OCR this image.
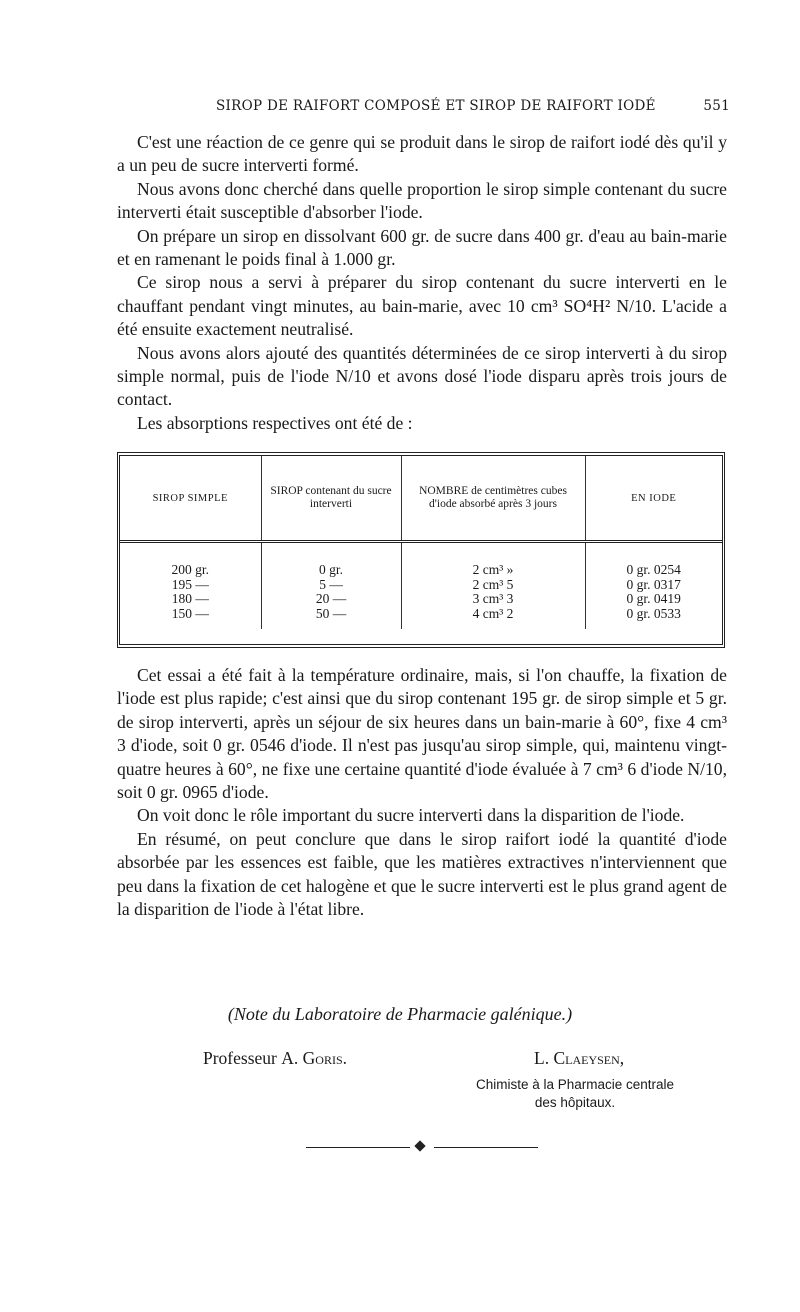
SIROP DE RAIFORT COMPOSÉ ET SIROP DE RAIFORT IODÉ	551

C'est une réaction de ce genre qui se produit dans le sirop de raifort iodé dès qu'il y a un peu de sucre interverti formé.

Nous avons donc cherché dans quelle proportion le sirop simple contenant du sucre interverti était susceptible d'absorber l'iode.

On prépare un sirop en dissolvant 600 gr. de sucre dans 400 gr. d'eau au bain-marie et en ramenant le poids final à 1.000 gr.

Ce sirop nous a servi à préparer du sirop contenant du sucre interverti en le chauffant pendant vingt minutes, au bain-marie, avec 10 cm³ SO⁴H² N/10. L'acide a été ensuite exactement neutralisé.

Nous avons alors ajouté des quantités déterminées de ce sirop interverti à du sirop simple normal, puis de l'iode N/10 et avons dosé l'iode disparu après trois jours de contact.

Les absorptions respectives ont été de :

SIROP SIMPLE	SIROP contenant du sucre interverti	NOMBRE de centimètres cubes d'iode absorbé après 3 jours	EN IODE
200 gr.	0 gr.	2 cm³ »	0 gr. 0254
195 —	5 —	2 cm³ 5	0 gr. 0317
180 —	20 —	3 cm³ 3	0 gr. 0419
150 —	50 —	4 cm³ 2	0 gr. 0533

Cet essai a été fait à la température ordinaire, mais, si l'on chauffe, la fixation de l'iode est plus rapide; c'est ainsi que du sirop contenant 195 gr. de sirop simple et 5 gr. de sirop interverti, après un séjour de six heures dans un bain-marie à 60°, fixe 4 cm³ 3 d'iode, soit 0 gr. 0546 d'iode. Il n'est pas jusqu'au sirop simple, qui, maintenu vingt-quatre heures à 60°, ne fixe une certaine quantité d'iode évaluée à 7 cm³ 6 d'iode N/10, soit 0 gr. 0965 d'iode.

On voit donc le rôle important du sucre interverti dans la disparition de l'iode.

En résumé, on peut conclure que dans le sirop raifort iodé la quantité d'iode absorbée par les essences est faible, que les matières extractives n'interviennent que peu dans la fixation de cet halogène et que le sucre interverti est le plus grand agent de la disparition de l'iode à l'état libre.

(Note du Laboratoire de Pharmacie galénique.)
Professeur A. Goris.	L. Claeysen,
Chimiste à la Pharmacie centrale
des hôpitaux.
